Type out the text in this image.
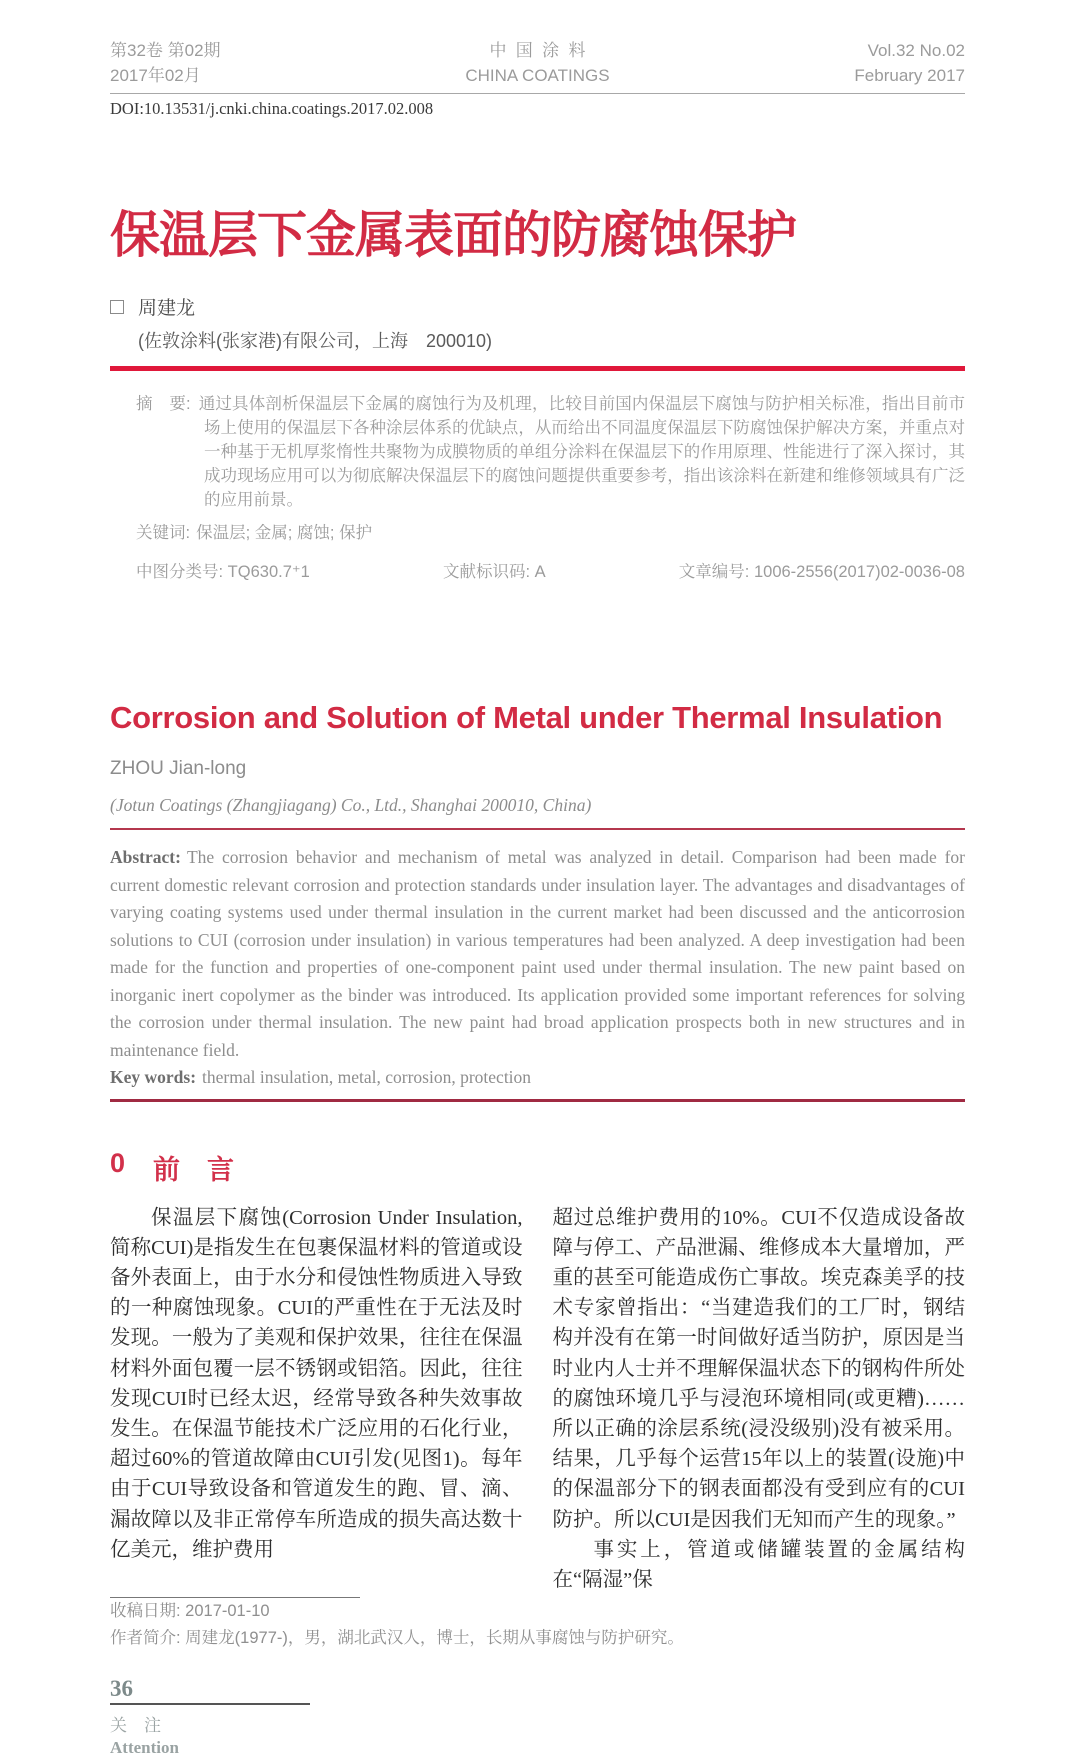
第32卷 第02期
2017年02月
中国涂料
CHINA COATINGS
Vol.32 No.02
February 2017
DOI:10.13531/j.cnki.china.coatings.2017.02.008
保温层下金属表面的防腐蚀保护
周建龙
(佐敦涂料(张家港)有限公司，上海　200010)
摘　要: 通过具体剖析保温层下金属的腐蚀行为及机理，比较目前国内保温层下腐蚀与防护相关标准，指出目前市场上使用的保温层下各种涂层体系的优缺点，从而给出不同温度保温层下防腐蚀保护解决方案，并重点对一种基于无机厚浆惰性共聚物为成膜物质的单组分涂料在保温层下的作用原理、性能进行了深入探讨，其成功现场应用可以为彻底解决保温层下的腐蚀问题提供重要参考，指出该涂料在新建和维修领域具有广泛的应用前景。
关键词: 保温层; 金属; 腐蚀; 保护
中图分类号: TQ630.7⁺1	文献标识码: A	文章编号: 1006-2556(2017)02-0036-08
Corrosion and Solution of Metal under Thermal Insulation
ZHOU Jian-long
(Jotun Coatings (Zhangjiagang) Co., Ltd., Shanghai 200010, China)

Abstract: The corrosion behavior and mechanism of metal was analyzed in detail. Comparison had been made for current domestic relevant corrosion and protection standards under insulation layer. The advantages and disadvantages of varying coating systems used under thermal insulation in the current market had been discussed and the anticorrosion solutions to CUI (corrosion under insulation) in various temperatures had been analyzed. A deep investigation had been made for the function and properties of one-component paint used under thermal insulation. The new paint based on inorganic inert copolymer as the binder was introduced. Its application provided some important references for solving the corrosion under thermal insulation. The new paint had broad application prospects both in new structures and in maintenance field.

Key words: thermal insulation, metal, corrosion, protection

0 前　言

保温层下腐蚀(Corrosion Under Insulation, 简称CUI)是指发生在包裹保温材料的管道或设备外表面上，由于水分和侵蚀性物质进入导致的一种腐蚀现象。CUI的严重性在于无法及时发现。一般为了美观和保护效果，往往在保温材料外面包覆一层不锈钢或铝箔。因此，往往发现CUI时已经太迟，经常导致各种失效事故发生。在保温节能技术广泛应用的石化行业，超过60%的管道故障由CUI引发(见图1)。每年由于CUI导致设备和管道发生的跑、冒、滴、漏故障以及非正常停车所造成的损失高达数十亿美元，维护费用

超过总维护费用的10%。CUI不仅造成设备故障与停工、产品泄漏、维修成本大量增加，严重的甚至可能造成伤亡事故。埃克森美孚的技术专家曾指出：“当建造我们的工厂时，钢结构并没有在第一时间做好适当防护，原因是当时业内人士并不理解保温状态下的钢构件所处的腐蚀环境几乎与浸泡环境相同(或更糟)……所以正确的涂层系统(浸没级别)没有被采用。结果，几乎每个运营15年以上的装置(设施)中的保温部分下的钢表面都没有受到应有的CUI防护。所以CUI是因我们无知而产生的现象。”

事实上，管道或储罐装置的金属结构在“隔湿”保

收稿日期: 2017-01-10
作者简介: 周建龙(1977-)，男，湖北武汉人，博士，长期从事腐蚀与防护研究。
36
关　注
Attention
